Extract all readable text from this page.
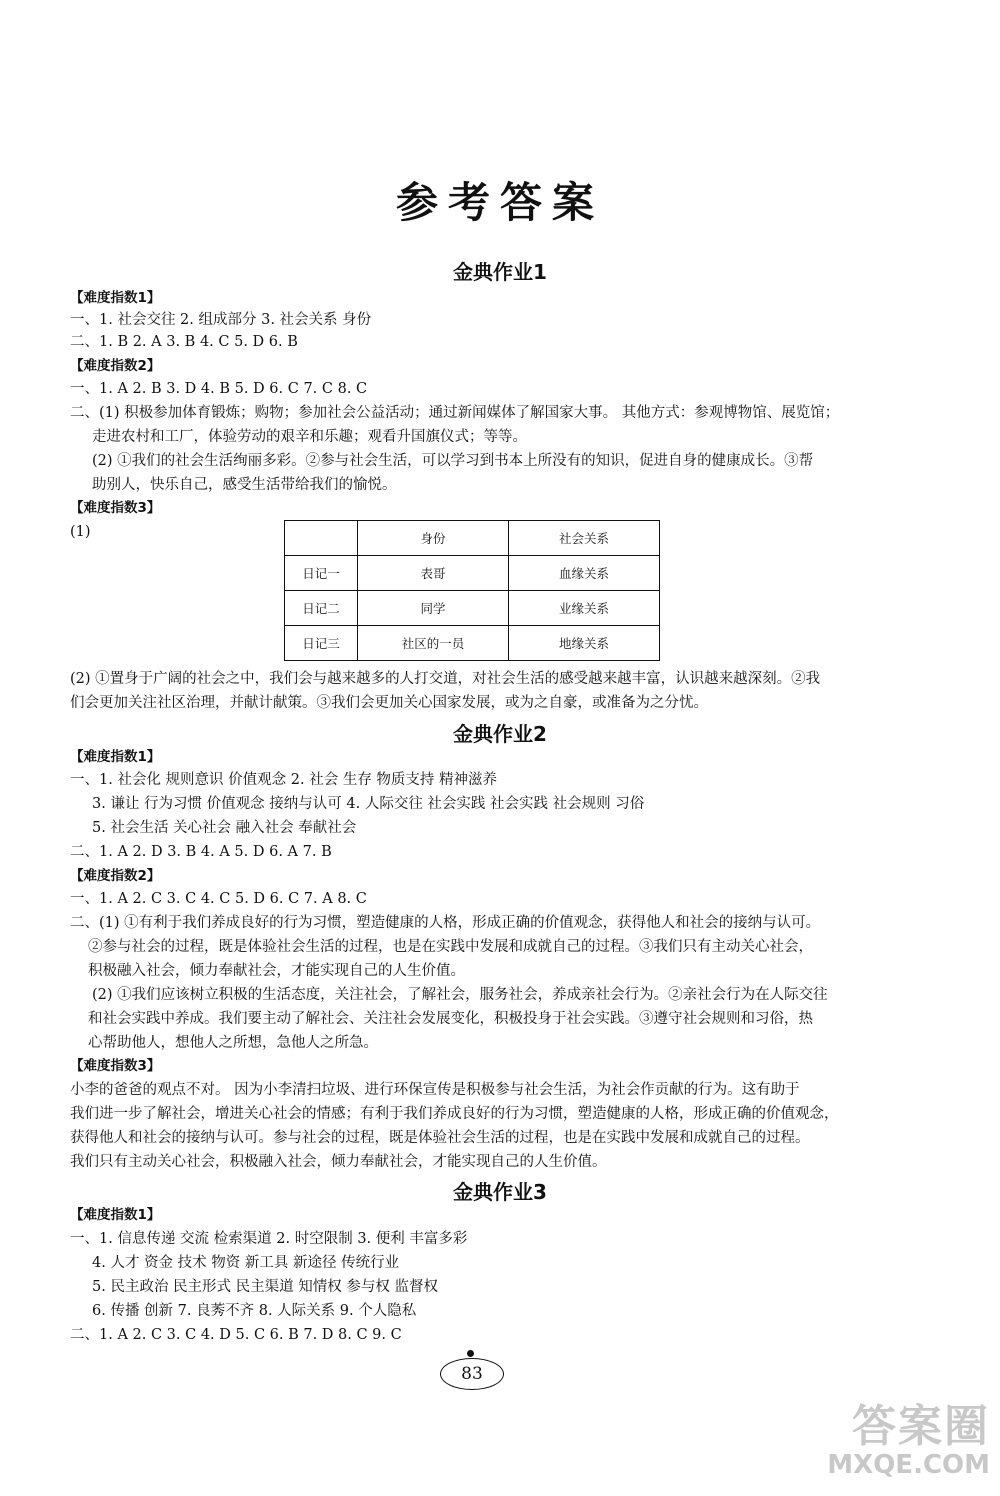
参考答案
金典作业1

【难度指数1】

一、1. 社会交往 2. 组成部分 3. 社会关系 身份

二、1. B 2. A 3. B 4. C 5. D 6. B

【难度指数2】

一、1. A 2. B 3. D 4. B 5. D 6. C 7. C 8. C

二、(1) 积极参加体育锻炼；购物；参加社会公益活动；通过新闻媒体了解国家大事。 其他方式：参观博物馆、展览馆；

走进农村和工厂，体验劳动的艰辛和乐趣；观看升国旗仪式；等等。

(2) ①我们的社会生活绚丽多彩。②参与社会生活，可以学习到书本上所没有的知识，促进自身的健康成长。③帮

助别人，快乐自己，感受生活带给我们的愉悦。

【难度指数3】

(1)

		身份	社会关系
日记一	表哥	血缘关系
日记二	同学	业缘关系
日记三	社区的一员	地缘关系

(2) ①置身于广阔的社会之中，我们会与越来越多的人打交道，对社会生活的感受越来越丰富，认识越来越深刻。②我

们会更加关注社区治理，并献计献策。③我们会更加关心国家发展，或为之自豪，或准备为之分忧。

金典作业2

【难度指数1】

一、1. 社会化 规则意识 价值观念 2. 社会 生存 物质支持 精神滋养

3. 谦让 行为习惯 价值观念 接纳与认可 4. 人际交往 社会实践 社会实践 社会规则 习俗

5. 社会生活 关心社会 融入社会 奉献社会

二、1. A 2. D 3. B 4. A 5. D 6. A 7. B

【难度指数2】

一、1. A 2. C 3. C 4. C 5. D 6. C 7. A 8. C

二、(1) ①有利于我们养成良好的行为习惯，塑造健康的人格，形成正确的价值观念，获得他人和社会的接纳与认可。

②参与社会的过程，既是体验社会生活的过程，也是在实践中发展和成就自己的过程。③我们只有主动关心社会，

积极融入社会，倾力奉献社会，才能实现自己的人生价值。

(2) ①我们应该树立积极的生活态度，关注社会，了解社会，服务社会，养成亲社会行为。②亲社会行为在人际交往

和社会实践中养成。我们要主动了解社会、关注社会发展变化，积极投身于社会实践。③遵守社会规则和习俗，热

心帮助他人，想他人之所想，急他人之所急。

【难度指数3】

小李的爸爸的观点不对。 因为小李清扫垃圾、进行环保宣传是积极参与社会生活，为社会作贡献的行为。这有助于

我们进一步了解社会，增进关心社会的情感；有利于我们养成良好的行为习惯，塑造健康的人格，形成正确的价值观念，

获得他人和社会的接纳与认可。参与社会的过程，既是体验社会生活的过程，也是在实践中发展和成就自己的过程。

我们只有主动关心社会，积极融入社会，倾力奉献社会，才能实现自己的人生价值。

金典作业3

【难度指数1】

一、1. 信息传递 交流 检索渠道 2. 时空限制 3. 便利 丰富多彩

4. 人才 资金 技术 物资 新工具 新途径 传统行业

5. 民主政治 民主形式 民主渠道 知情权 参与权 监督权

6. 传播 创新 7. 良莠不齐 8. 人际关系 9. 个人隐私

二、1. A 2. C 3. C 4. D 5. C 6. B 7. D 8. C 9. C

83
答案圈
MXQE.COM
